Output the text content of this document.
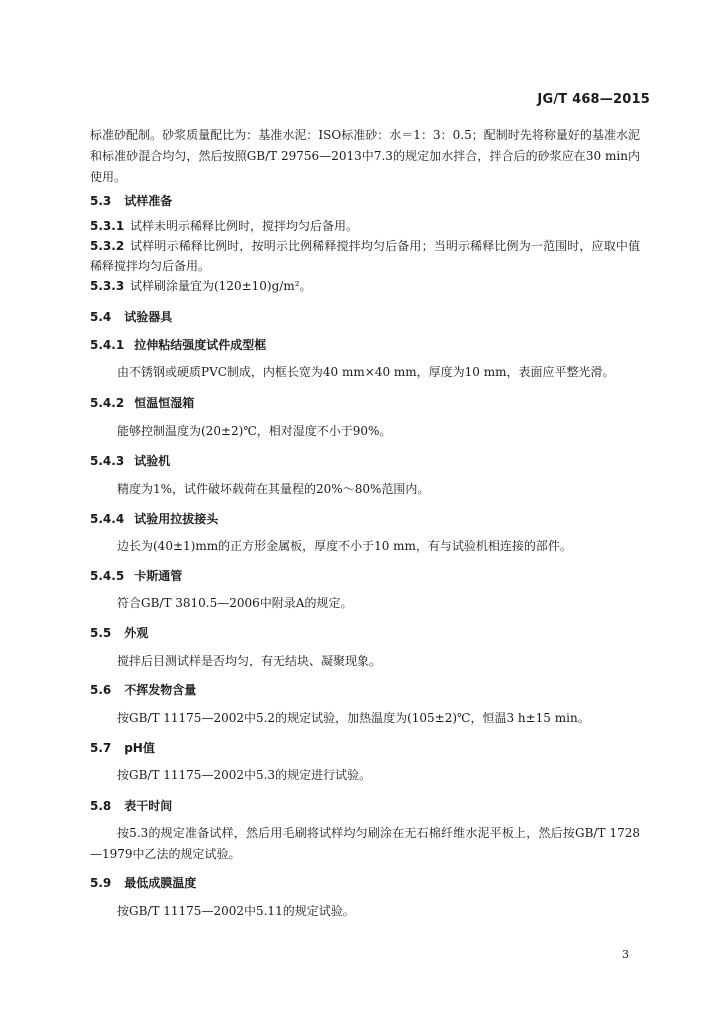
JG/T 468—2015

标准砂配制。砂浆质量配比为：基准水泥：ISO标准砂：水＝1：3：0.5；配制时先将称量好的基准水泥和标准砂混合均匀，然后按照GB/T 29756—2013中7.3的规定加水拌合，拌合后的砂浆应在30 min内使用。

5.3 试样准备

5.3.1 试样未明示稀释比例时，搅拌均匀后备用。

5.3.2 试样明示稀释比例时，按明示比例稀释搅拌均匀后备用；当明示稀释比例为一范围时，应取中值稀释搅拌均匀后备用。

5.3.3 试样刷涂量宜为(120±10)g/m²。

5.4 试验器具
5.4.1 拉伸粘结强度试件成型框

由不锈钢或硬质PVC制成，内框长宽为40 mm×40 mm，厚度为10 mm，表面应平整光滑。

5.4.2 恒温恒湿箱

能够控制温度为(20±2)℃，相对湿度不小于90%。

5.4.3 试验机

精度为1%，试件破坏载荷在其量程的20%～80%范围内。

5.4.4 试验用拉拔接头

边长为(40±1)mm的正方形金属板，厚度不小于10 mm，有与试验机相连接的部件。

5.4.5 卡斯通管

符合GB/T 3810.5—2006中附录A的规定。

5.5 外观

搅拌后目测试样是否均匀，有无结块、凝聚现象。

5.6 不挥发物含量

按GB/T 11175—2002中5.2的规定试验，加热温度为(105±2)℃，恒温3 h±15 min。

5.7 pH值

按GB/T 11175—2002中5.3的规定进行试验。

5.8 表干时间

按5.3的规定准备试样，然后用毛刷将试样均匀刷涂在无石棉纤维水泥平板上，然后按GB/T 1728—1979中乙法的规定试验。

5.9 最低成膜温度

按GB/T 11175—2002中5.11的规定试验。

3
